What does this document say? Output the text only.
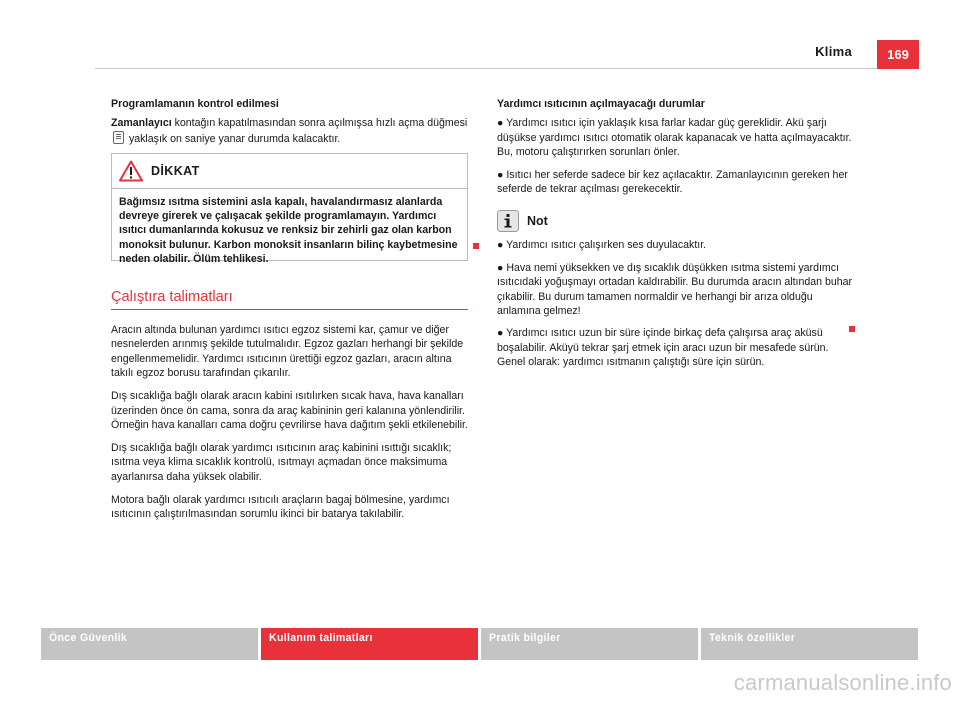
Klima	169

Programlamanın kontrol edilmesi

Zamanlayıcı kontağın kapatılmasından sonra açılmışsa hızlı açma düğmesi  yaklaşık on saniye yanar durumda kalacaktır.

DİKKAT
Bağımsız ısıtma sistemini asla kapalı, havalandırmasız alanlarda devreye girerek ve çalışacak şekilde programlamayın. Yardımcı ısıtıcı dumanlarında kokusuz ve renksiz bir zehirli gaz olan karbon monoksit bulunur. Karbon monoksit insanların bilinç kaybetmesine neden olabilir. Ölüm tehlikesi.
Çalıştıra talimatları

Aracın altında bulunan yardımcı ısıtıcı egzoz sistemi kar, çamur ve diğer nesnelerden arınmış şekilde tutulmalıdır. Egzoz gazları herhangi bir şekilde engellenmemelidir. Yardımcı ısıtıcının ürettiği egzoz gazları, aracın altına takılı egzoz borusu tarafından çıkarılır.

Dış sıcaklığa bağlı olarak aracın kabini ısıtılırken sıcak hava, hava kanalları üzerinden önce ön cama, sonra da araç kabininin geri kalanına yönlendirilir. Örneğin hava kanalları cama doğru çevrilirse hava dağıtım şekli etkilenebilir.

Dış sıcaklığa bağlı olarak yardımcı ısıtıcının araç kabinini ısıttığı sıcaklık; ısıtma veya klima sıcaklık kontrolü, ısıtmayı açmadan önce maksimuma ayarlanırsa daha yüksek olabilir.

Motora bağlı olarak yardımcı ısıtıcılı araçların bagaj bölmesine, yardımcı ısıtıcının çalıştırılmasından sorumlu ikinci bir batarya takılabilir.

Yardımcı ısıtıcının açılmayacağı durumlar

● Yardımcı ısıtıcı için yaklaşık kısa farlar kadar güç gereklidir. Akü şarjı düşükse yardımcı ısıtıcı otomatik olarak kapanacak ve hatta açılmayacaktır. Bu, motoru çalıştırırken sorunları önler.

● Isıtıcı her seferde sadece bir kez açılacaktır. Zamanlayıcının gereken her seferde de tekrar açılması gerekecektir.

Not

● Yardımcı ısıtıcı çalışırken ses duyulacaktır.

● Hava nemi yüksekken ve dış sıcaklık düşükken ısıtma sistemi yardımcı ısıtıcıdaki yoğuşmayı ortadan kaldırabilir. Bu durumda aracın altından buhar çıkabilir. Bu durum tamamen normaldir ve herhangi bir arıza olduğu anlamına gelmez!

● Yardımcı ısıtıcı uzun bir süre içinde birkaç defa çalışırsa araç aküsü boşalabilir. Aküyü tekrar şarj etmek için aracı uzun bir mesafede sürün. Genel olarak: yardımcı ısıtmanın çalıştığı süre için sürün.

Önce Güvenlik	Kullanım talimatları	Pratik bilgiler	Teknik özellikler
carmanualsonline.info
